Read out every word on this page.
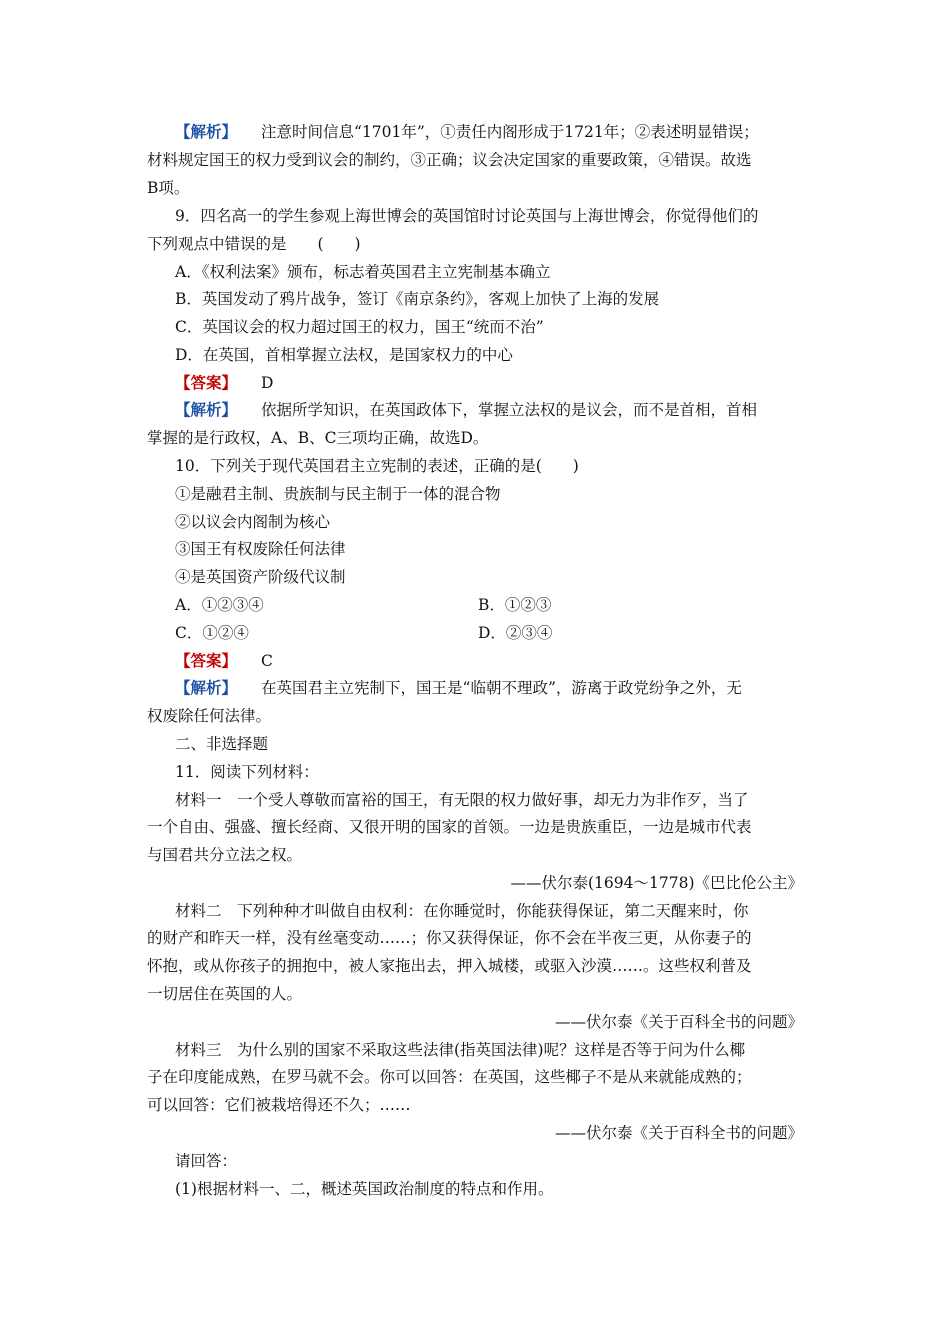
【解析】 注意时间信息“1701年”，①责任内阁形成于1721年；②表述明显错误；
材料规定国王的权力受到议会的制约，③正确；议会决定国家的重要政策，④错误。故选
B项。
9．四名高一的学生参观上海世博会的英国馆时讨论英国与上海世博会，你觉得他们的
下列观点中错误的是　　(　　)
A．《权利法案》颁布，标志着英国君主立宪制基本确立
B．英国发动了鸦片战争，签订《南京条约》，客观上加快了上海的发展
C．英国议会的权力超过国王的权力，国王“统而不治”
D．在英国，首相掌握立法权，是国家权力的中心
【答案】 D
【解析】 依据所学知识，在英国政体下，掌握立法权的是议会，而不是首相，首相
掌握的是行政权，A、B、C三项均正确，故选D。
10．下列关于现代英国君主立宪制的表述，正确的是(　　)
①是融君主制、贵族制与民主制于一体的混合物
②以议会内阁制为核心
③国王有权废除任何法律
④是英国资产阶级代议制
A．①②③④	B．①②③
C．①②④	D．②③④
【答案】 C
【解析】 在英国君主立宪制下，国王是“临朝不理政”，游离于政党纷争之外，无
权废除任何法律。
二、非选择题
11．阅读下列材料：
材料一　一个受人尊敬而富裕的国王，有无限的权力做好事，却无力为非作歹，当了
一个自由、强盛、擅长经商、又很开明的国家的首领。一边是贵族重臣，一边是城市代表
与国君共分立法之权。
——伏尔泰(1694～1778)《巴比伦公主》
材料二　下列种种才叫做自由权利：在你睡觉时，你能获得保证，第二天醒来时，你
的财产和昨天一样，没有丝毫变动……；你又获得保证，你不会在半夜三更，从你妻子的
怀抱，或从你孩子的拥抱中，被人家拖出去，押入城楼，或驱入沙漠……。这些权利普及
一切居住在英国的人。
——伏尔泰《关于百科全书的问题》
材料三　为什么别的国家不采取这些法律(指英国法律)呢？这样是否等于问为什么椰
子在印度能成熟，在罗马就不会。你可以回答：在英国，这些椰子不是从来就能成熟的；
可以回答：它们被栽培得还不久；……
——伏尔泰《关于百科全书的问题》
请回答：
(1)根据材料一、二，概述英国政治制度的特点和作用。
